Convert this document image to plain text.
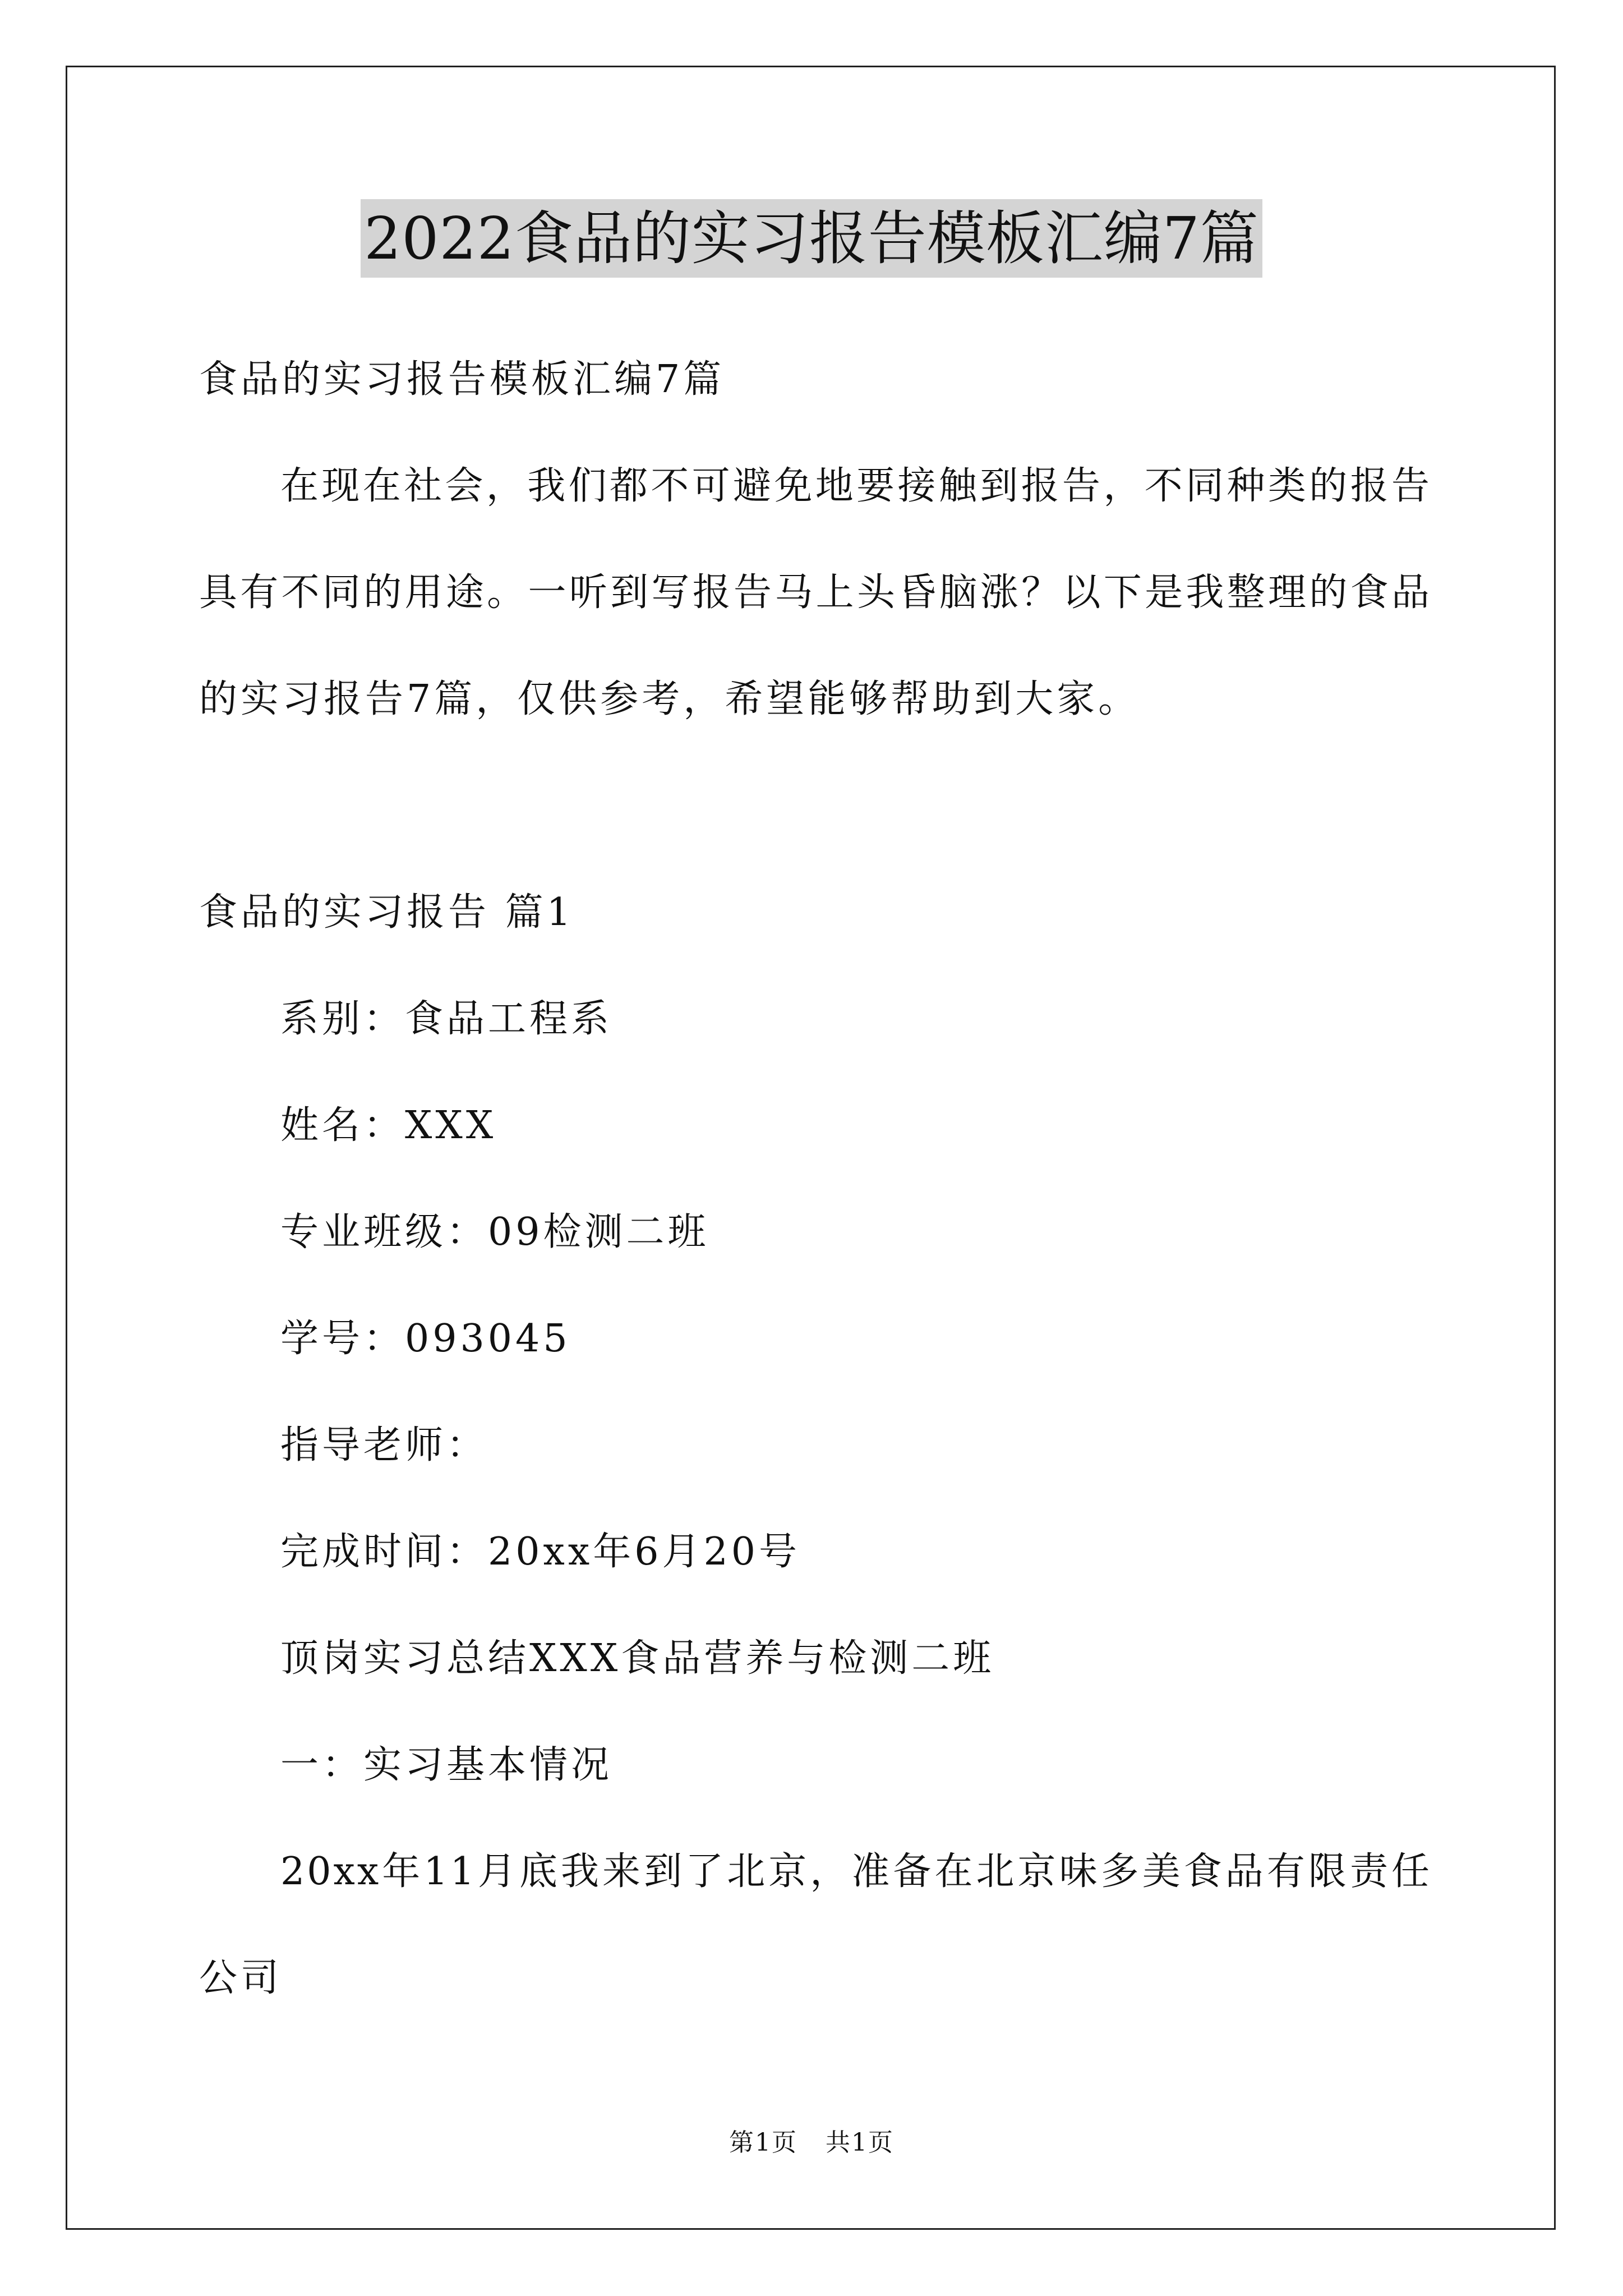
2022食品的实习报告模板汇编7篇
食品的实习报告模板汇编7篇
在现在社会，我们都不可避免地要接触到报告，不同种类的报告
具有不同的用途。一听到写报告马上头昏脑涨？以下是我整理的食品
的实习报告7篇，仅供参考，希望能够帮助到大家。
食品的实习报告 篇1
系别：食品工程系
姓名：XXX
专业班级：09检测二班
学号：093045
指导老师：
完成时间：20xx年6月20号
顶岗实习总结XXX食品营养与检测二班
一：实习基本情况
20xx年11月底我来到了北京，准备在北京味多美食品有限责任
公司
第1页 共1页
